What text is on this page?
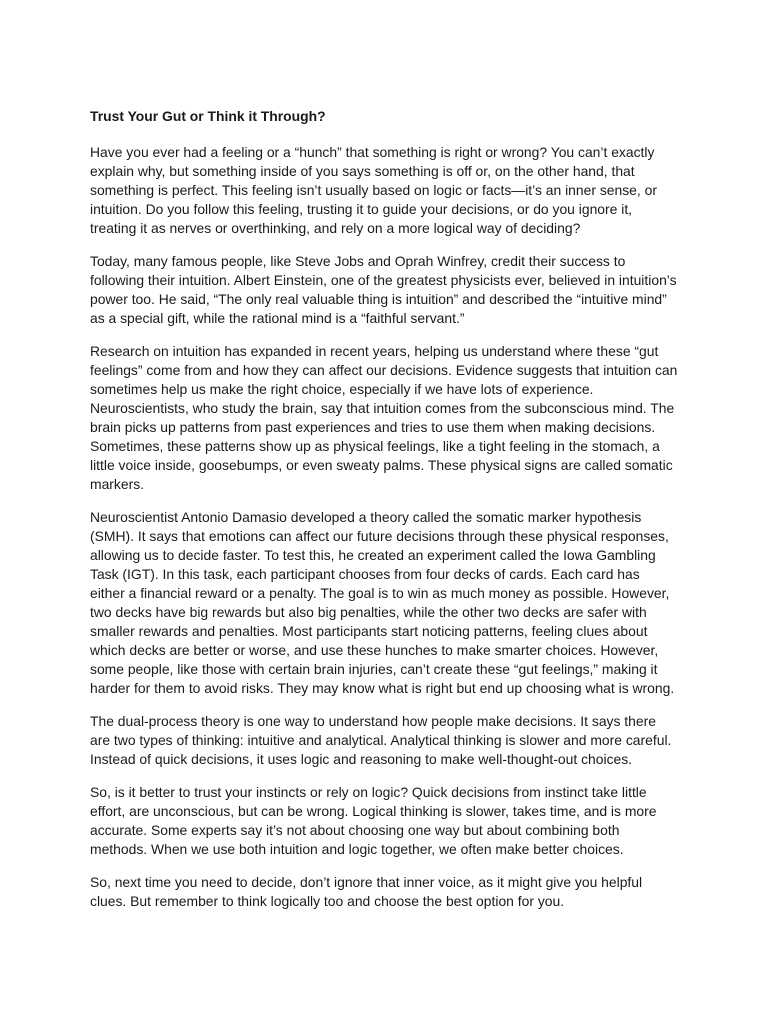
Trust Your Gut or Think it Through?

Have you ever had a feeling or a “hunch” that something is right or wrong? You can’t exactly explain why, but something inside of you says something is off or, on the other hand, that something is perfect. This feeling isn’t usually based on logic or facts—it’s an inner sense, or intuition. Do you follow this feeling, trusting it to guide your decisions, or do you ignore it, treating it as nerves or overthinking, and rely on a more logical way of deciding?

Today, many famous people, like Steve Jobs and Oprah Winfrey, credit their success to following their intuition. Albert Einstein, one of the greatest physicists ever, believed in intuition’s power too. He said, “The only real valuable thing is intuition” and described the “intuitive mind” as a special gift, while the rational mind is a “faithful servant.”

Research on intuition has expanded in recent years, helping us understand where these “gut feelings” come from and how they can affect our decisions. Evidence suggests that intuition can sometimes help us make the right choice, especially if we have lots of experience. Neuroscientists, who study the brain, say that intuition comes from the subconscious mind. The brain picks up patterns from past experiences and tries to use them when making decisions. Sometimes, these patterns show up as physical feelings, like a tight feeling in the stomach, a little voice inside, goosebumps, or even sweaty palms. These physical signs are called somatic markers.

Neuroscientist Antonio Damasio developed a theory called the somatic marker hypothesis (SMH). It says that emotions can affect our future decisions through these physical responses, allowing us to decide faster. To test this, he created an experiment called the Iowa Gambling Task (IGT). In this task, each participant chooses from four decks of cards. Each card has either a financial reward or a penalty. The goal is to win as much money as possible. However, two decks have big rewards but also big penalties, while the other two decks are safer with smaller rewards and penalties. Most participants start noticing patterns, feeling clues about which decks are better or worse, and use these hunches to make smarter choices. However, some people, like those with certain brain injuries, can’t create these “gut feelings,” making it harder for them to avoid risks. They may know what is right but end up choosing what is wrong.

The dual-process theory is one way to understand how people make decisions. It says there are two types of thinking: intuitive and analytical. Analytical thinking is slower and more careful. Instead of quick decisions, it uses logic and reasoning to make well-thought-out choices.

So, is it better to trust your instincts or rely on logic? Quick decisions from instinct take little effort, are unconscious, but can be wrong. Logical thinking is slower, takes time, and is more accurate. Some experts say it’s not about choosing one way but about combining both methods. When we use both intuition and logic together, we often make better choices.

So, next time you need to decide, don’t ignore that inner voice, as it might give you helpful clues. But remember to think logically too and choose the best option for you.
